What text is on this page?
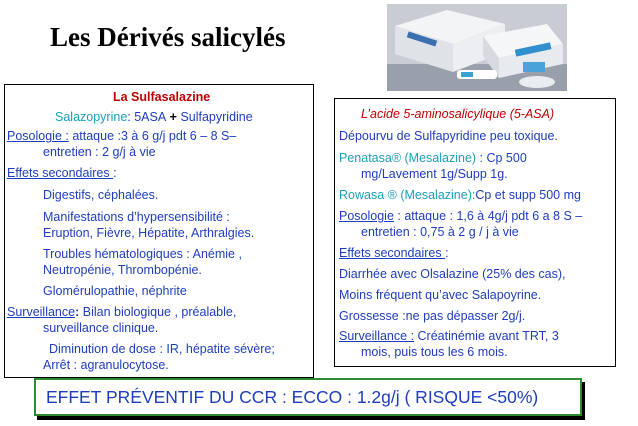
Les Dérivés salicylés
La Sulfasalazine
Salazopyrine: 5ASA + Sulfapyridine
Posologie : attaque :3 à 6 g/j pdt 6 – 8 S–
entretien : 2 g/j à vie
Effets secondaires :
Digestifs, céphalées.
Manifestations d’hypersensibilité :
Eruption, Fièvre, Hépatite, Arthralgies.
Troubles hématologiques : Anémie ,
Neutropénie, Thrombopénie.
Glomérulopathie, néphrite
Surveillance: Bilan biologique , préalable,
surveillance clinique.
Diminution de dose : IR, hépatite sévère;
Arrêt : agranulocytose.
L’acide 5-aminosalicylique (5-ASA)
Dépourvu de Sulfapyridine peu toxique.
Penatasa® (Mesalazine) : Cp 500
mg/Lavement 1g/Supp 1g.
Rowasa ® (Mesalazine):Cp et supp 500 mg
Posologie : attaque : 1,6 à 4g/j pdt 6 a 8 S –
entretien : 0,75 à 2 g / j à vie
Effets secondaires :
Diarrhée avec Olsalazine (25% des cas),
Moins fréquent qu’avec Salapoyrine.
Grossesse :ne pas dépasser 2g/j.
Surveillance : Créatinémie avant TRT, 3
mois, puis tous les 6 mois.
EFFET PRÉVENTIF DU CCR : ECCO : 1.2g/j ( RISQUE <50%)
